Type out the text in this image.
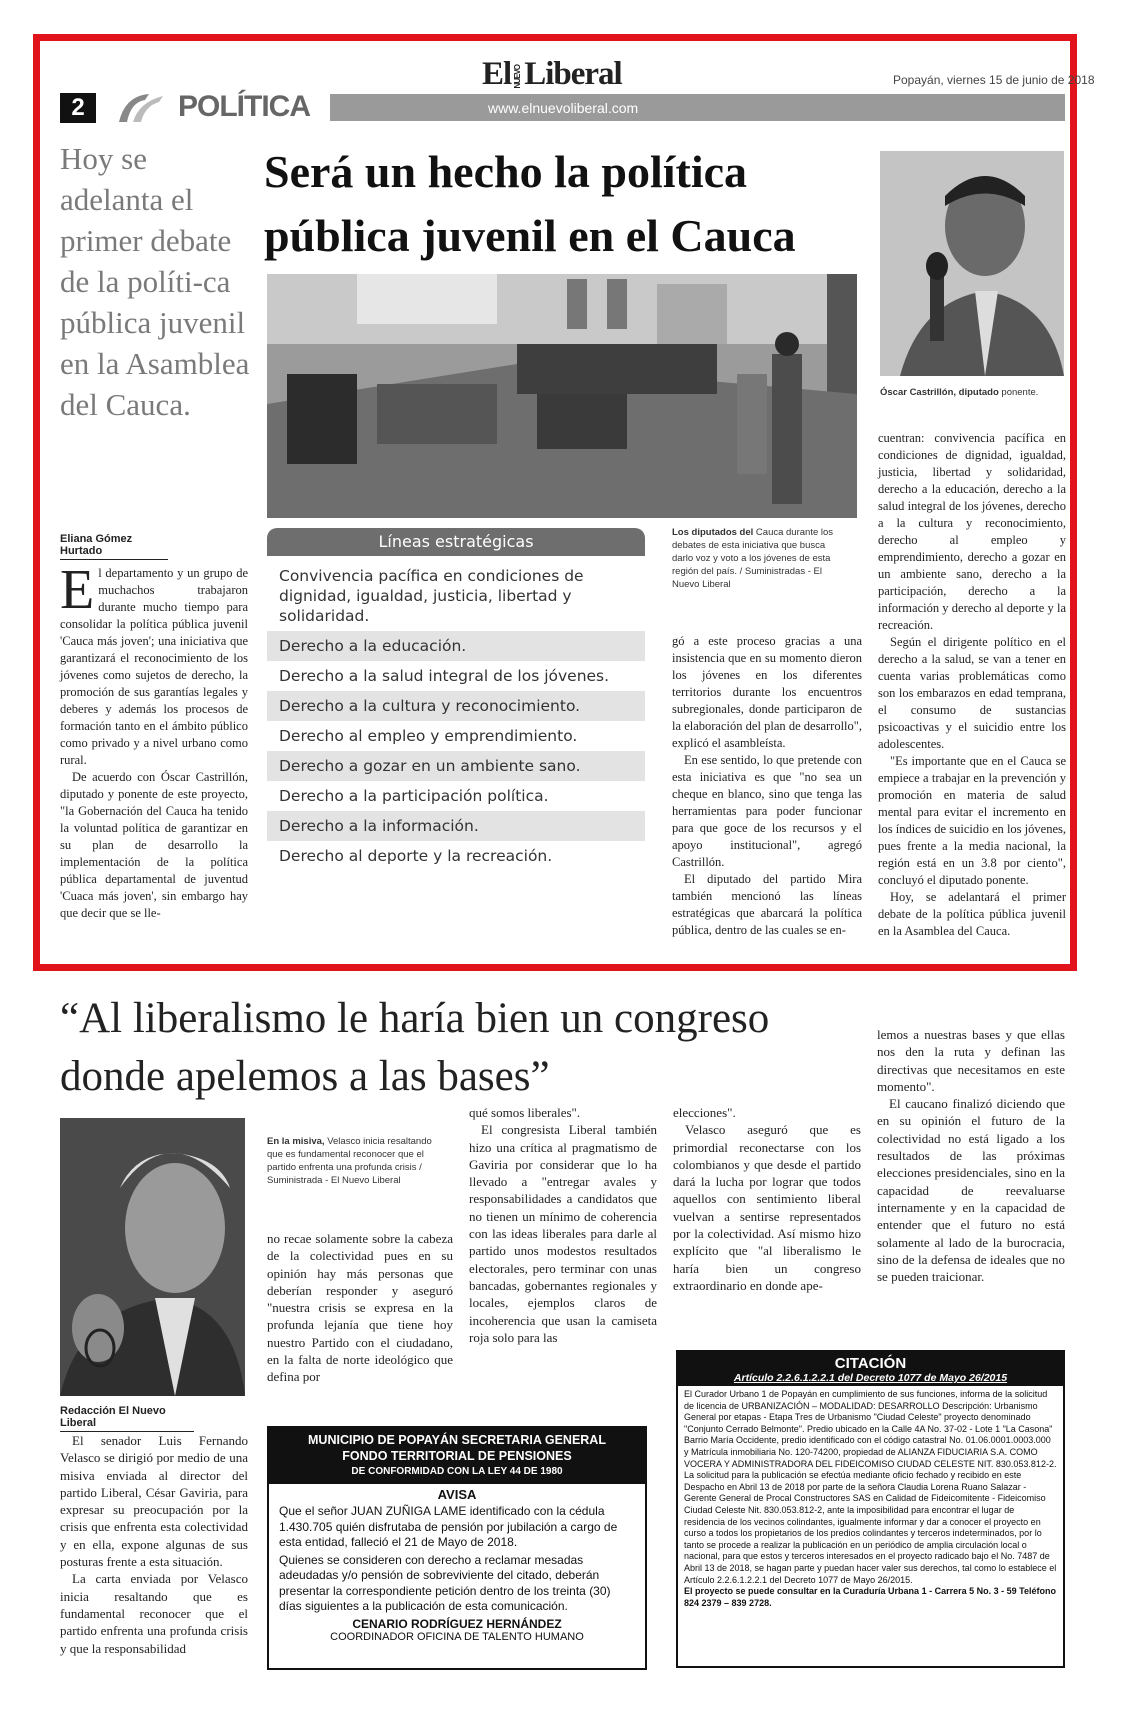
2	POLÍTICA
El NUEVOLiberal
www.elnuevoliberal.com
Popayán, viernes 15 de junio de 2018
Hoy se adelanta el primer debate de la políti-ca pública juvenil en la Asamblea del Cauca.
Será un hecho la política pública juvenil en el Cauca
Eliana Gómez Hurtado

El departamento y un grupo de muchachos trabajaron durante mucho tiempo para consolidar la política pública juvenil 'Cauca más joven'; una iniciativa que garantizará el reconocimiento de los jóvenes como sujetos de derecho, la promoción de sus garantías legales y deberes y además los procesos de formación tanto en el ámbito público como privado y a nivel urbano como rural.

De acuerdo con Óscar Castrillón, diputado y ponente de este proyecto, "la Gobernación del Cauca ha tenido la voluntad política de garantizar en su plan de desarrollo la implementación de la política pública departamental de juventud 'Cuaca más joven', sin embargo hay que decir que se lle-

Líneas estratégicas
Convivencia pacífica en condiciones de dignidad, igualdad, justicia, libertad y solidaridad.
Derecho a la educación.
Derecho a la salud integral de los jóvenes.
Derecho a la cultura y reconocimiento.
Derecho al empleo y emprendimiento.
Derecho a gozar en un ambiente sano.
Derecho a la participación política.
Derecho a la información.
Derecho al deporte y la recreación.
Los diputados del Cauca durante los debates de esta iniciativa que busca darlo voz y voto a los jóvenes de esta región del país. / Suministradas - El Nuevo Liberal

gó a este proceso gracias a una insistencia que en su momento dieron los jóvenes en los diferentes territorios durante los encuentros subregionales, donde participaron de la elaboración del plan de desarrollo", explicó el asambleísta.

En ese sentido, lo que pretende con esta iniciativa es que "no sea un cheque en blanco, sino que tenga las herramientas para poder funcionar para que goce de los recursos y el apoyo institucional", agregó Castrillón.

El diputado del partido Mira también mencionó las líneas estratégicas que abarcará la política pública, dentro de las cuales se en-

Óscar Castrillón, diputado ponente.

cuentran: convivencia pacífica en condiciones de dignidad, igualdad, justicia, libertad y solidaridad, derecho a la educación, derecho a la salud integral de los jóvenes, derecho a la cultura y reconocimiento, derecho al empleo y emprendimiento, derecho a gozar en un ambiente sano, derecho a la participación, derecho a la información y derecho al deporte y la recreación.

Según el dirigente político en el derecho a la salud, se van a tener en cuenta varias problemáticas como son los embarazos en edad temprana, el consumo de sustancias psicoactivas y el suicidio entre los adolescentes.

"Es importante que en el Cauca se empiece a trabajar en la prevención y promoción en materia de salud mental para evitar el incremento en los índices de suicidio en los jóvenes, pues frente a la media nacional, la región está en un 3.8 por ciento", concluyó el diputado ponente.

Hoy, se adelantará el primer debate de la política pública juvenil en la Asamblea del Cauca.

“Al liberalismo le haría bien un congreso donde apelemos a las bases”
Redacción El Nuevo Liberal
En la misiva, Velasco inicia resaltando que es fundamental reconocer que el partido enfrenta una profunda crisis / Suministrada - El Nuevo Liberal

El senador Luis Fernando Velasco se dirigió por medio de una misiva enviada al director del partido Liberal, César Gaviria, para expresar su preocupación por la crisis que enfrenta esta colectividad y en ella, expone algunas de sus posturas frente a esta situación.

La carta enviada por Velasco inicia resaltando que es fundamental reconocer que el partido enfrenta una profunda crisis y que la responsabilidad

no recae solamente sobre la cabeza de la colectividad pues en su opinión hay más personas que deberían responder y aseguró "nuestra crisis se expresa en la profunda lejanía que tiene hoy nuestro Partido con el ciudadano, en la falta de norte ideológico que defina por

qué somos liberales".

El congresista Liberal también hizo una crítica al pragmatismo de Gaviria por considerar que lo ha llevado a "entregar avales y responsabilidades a candidatos que no tienen un mínimo de coherencia con las ideas liberales para darle al partido unos modestos resultados electorales, pero terminar con unas bancadas, gobernantes regionales y locales, ejemplos claros de incoherencia que usan la camiseta roja solo para las

elecciones".

Velasco aseguró que es primordial reconectarse con los colombianos y que desde el partido dará la lucha por lograr que todos aquellos con sentimiento liberal vuelvan a sentirse representados por la colectividad. Así mismo hizo explícito que "al liberalismo le haría bien un congreso extraordinario en donde ape-

lemos a nuestras bases y que ellas nos den la ruta y definan las directivas que necesitamos en este momento".

El caucano finalizó diciendo que en su opinión el futuro de la colectividad no está ligado a los resultados de las próximas elecciones presidenciales, sino en la capacidad de reevaluarse internamente y en la capacidad de entender que el futuro no está solamente al lado de la burocracia, sino de la defensa de ideales que no se pueden traicionar.

MUNICIPIO DE POPAYÁN SECRETARIA GENERAL
FONDO TERRITORIAL DE PENSIONES
DE CONFORMIDAD CON LA LEY 44 DE 1980
AVISA
Que el señor JUAN ZUÑIGA LAME identificado con la cédula 1.430.705 quién disfrutaba de pensión por jubilación a cargo de esta entidad, falleció el 21 de Mayo de 2018.
Quienes se consideren con derecho a reclamar mesadas adeudadas y/o pensión de sobreviviente del citado, deberán presentar la correspondiente petición dentro de los treinta (30) días siguientes a la publicación de esta comunicación.
CENARIO RODRÍGUEZ HERNÁNDEZ
COORDINADOR OFICINA DE TALENTO HUMANO
CITACIÓN
Artículo 2.2.6.1.2.2.1 del Decreto 1077 de Mayo 26/2015
El Curador Urbano 1 de Popayán en cumplimiento de sus funciones, informa de la solicitud de licencia de URBANIZACIÓN – MODALIDAD: DESARROLLO Descripción: Urbanismo General por etapas - Etapa Tres de Urbanismo "Ciudad Celeste" proyecto denominado "Conjunto Cerrado Belmonte". Predio ubicado en la Calle 4A No. 37-02 - Lote 1 "La Casona" Barrio María Occidente, predio identificado con el código catastral No. 01.06.0001.0003.000 y Matrícula inmobiliaria No. 120-74200, propiedad de ALIANZA FIDUCIARIA S.A. COMO VOCERA Y ADMINISTRADORA DEL FIDEICOMISO CIUDAD CELESTE NIT. 830.053.812-2.
La solicitud para la publicación se efectúa mediante oficio fechado y recibido en este Despacho en Abril 13 de 2018 por parte de la señora Claudia Lorena Ruano Salazar - Gerente General de Procal Constructores SAS en Calidad de Fideicomitente - Fideicomiso Ciudad Celeste Nit. 830.053.812-2, ante la imposibilidad para encontrar el lugar de residencia de los vecinos colindantes, igualmente informar y dar a conocer el proyecto en curso a todos los propietarios de los predios colindantes y terceros indeterminados, por lo tanto se procede a realizar la publicación en un periódico de amplia circulación local o nacional, para que estos y terceros interesados en el proyecto radicado bajo el No. 7487 de Abril 13 de 2018, se hagan parte y puedan hacer valer sus derechos, tal como lo establece el Artículo 2.2.6.1.2.2.1 del Decreto 1077 de Mayo 26/2015.
El proyecto se puede consultar en la Curaduría Urbana 1 - Carrera 5 No. 3 - 59 Teléfono 824 2379 – 839 2728.
